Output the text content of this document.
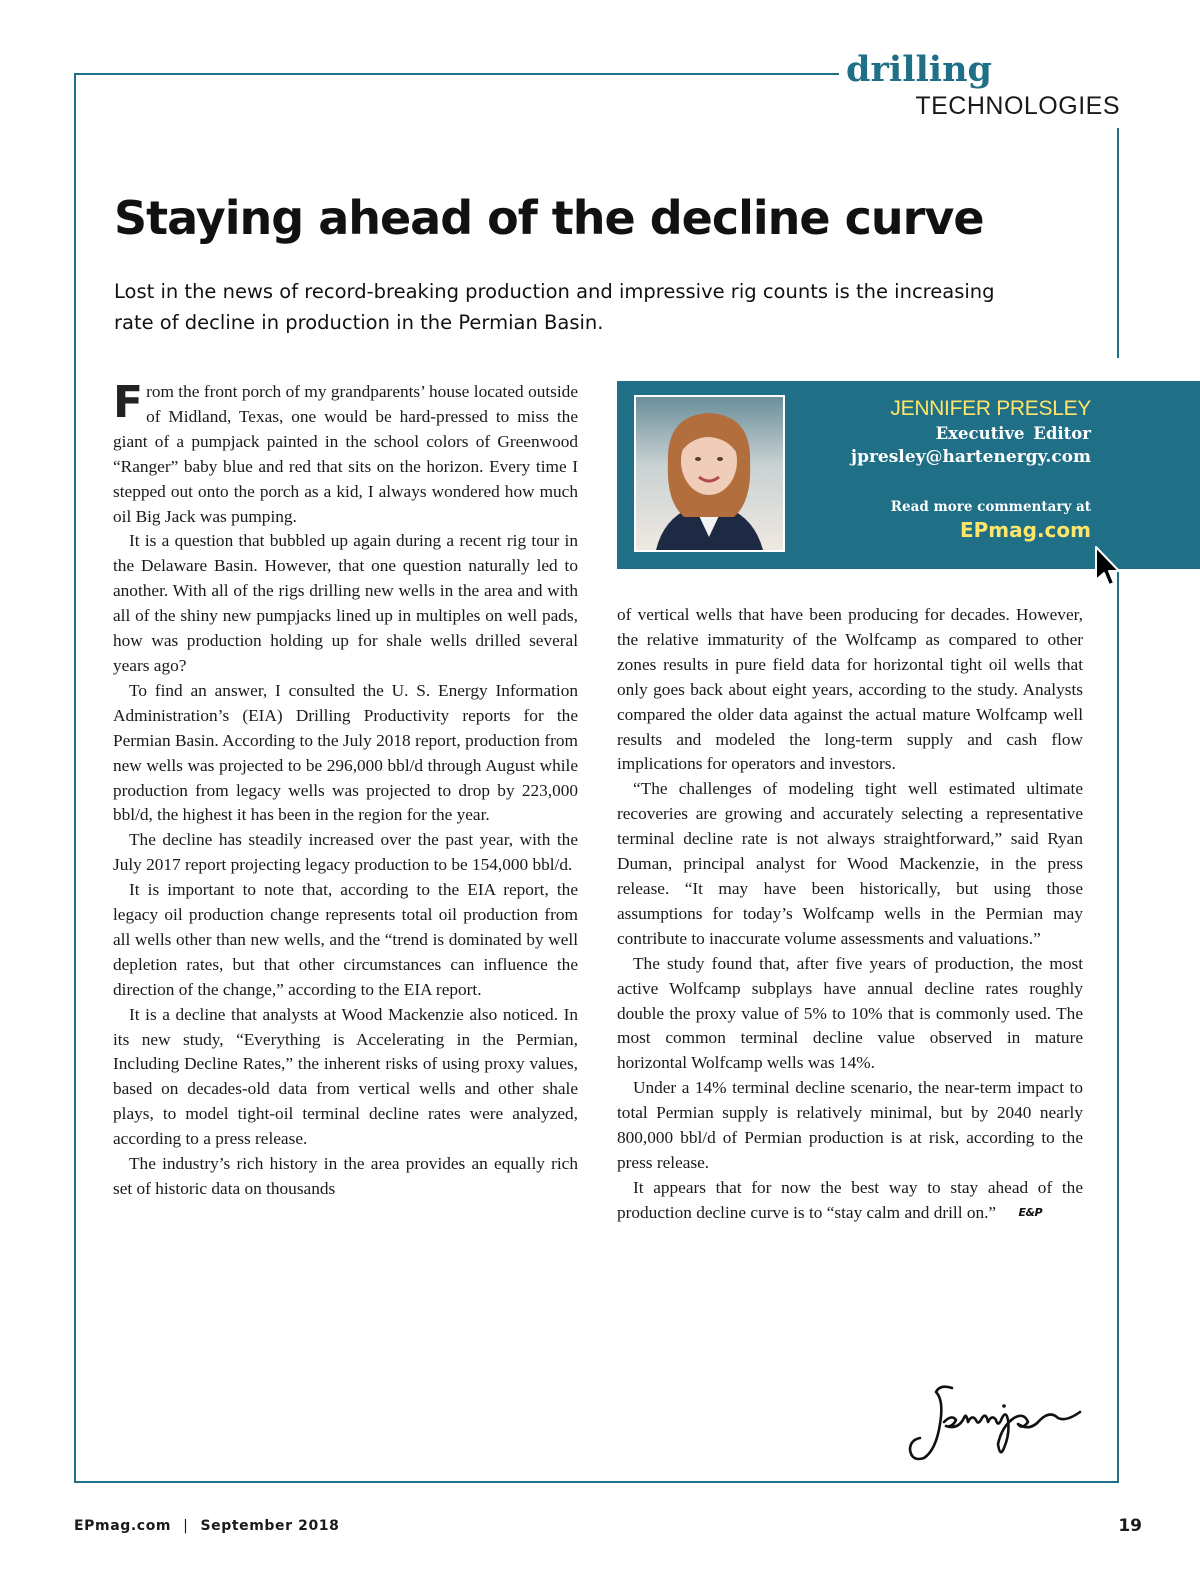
drilling
TECHNOLOGIES
Staying ahead of the decline curve

Lost in the news of record-breaking production and impressive rig counts is the increasing rate of decline in production in the Permian Basin.

From the front porch of my grandparents’ house located outside of Midland, Texas, one would be hard-pressed to miss the giant of a pumpjack painted in the school colors of Greenwood “Ranger” baby blue and red that sits on the horizon. Every time I stepped out onto the porch as a kid, I always wondered how much oil Big Jack was pumping.

It is a question that bubbled up again during a recent rig tour in the Delaware Basin. However, that one question naturally led to another. With all of the rigs drilling new wells in the area and with all of the shiny new pumpjacks lined up in multiples on well pads, how was production holding up for shale wells drilled several years ago?

To find an answer, I consulted the U. S. Energy Information Administration’s (EIA) Drilling Productivity reports for the Permian Basin. According to the July 2018 report, production from new wells was projected to be 296,000 bbl/d through August while production from legacy wells was projected to drop by 223,000 bbl/d, the highest it has been in the region for the year.

The decline has steadily increased over the past year, with the July 2017 report projecting legacy production to be 154,000 bbl/d.

It is important to note that, according to the EIA report, the legacy oil production change represents total oil production from all wells other than new wells, and the “trend is dominated by well depletion rates, but that other circumstances can influence the direction of the change,” according to the EIA report.

It is a decline that analysts at Wood Mackenzie also noticed. In its new study, “Everything is Accelerating in the Permian, Including Decline Rates,” the inherent risks of using proxy values, based on decades-old data from vertical wells and other shale plays, to model tight-oil terminal decline rates were analyzed, according to a press release.

The industry’s rich history in the area provides an equally rich set of historic data on thousands

JENNIFER PRESLEY
Executive Editor
jpresley@hartenergy.com
Read more commentary at
EPmag.com

of vertical wells that have been producing for decades. However, the relative immaturity of the Wolfcamp as compared to other zones results in pure field data for horizontal tight oil wells that only goes back about eight years, according to the study. Analysts compared the older data against the actual mature Wolfcamp well results and modeled the long-term supply and cash flow implications for operators and investors.

“The challenges of modeling tight well estimated ultimate recoveries are growing and accurately selecting a representative terminal decline rate is not always straightforward,” said Ryan Duman, principal analyst for Wood Mackenzie, in the press release. “It may have been historically, but using those assumptions for today’s Wolfcamp wells in the Permian may contribute to inaccurate volume assessments and valuations.”

The study found that, after five years of production, the most active Wolfcamp subplays have annual decline rates roughly double the proxy value of 5% to 10% that is commonly used. The most common terminal decline value observed in mature horizontal Wolfcamp wells was 14%.

Under a 14% terminal decline scenario, the near-term impact to total Permian supply is relatively minimal, but by 2040 nearly 800,000 bbl/d of Permian production is at risk, according to the press release.

It appears that for now the best way to stay ahead of the production decline curve is to “stay calm and drill on.” E&P

EPmag.com | September 2018	19
